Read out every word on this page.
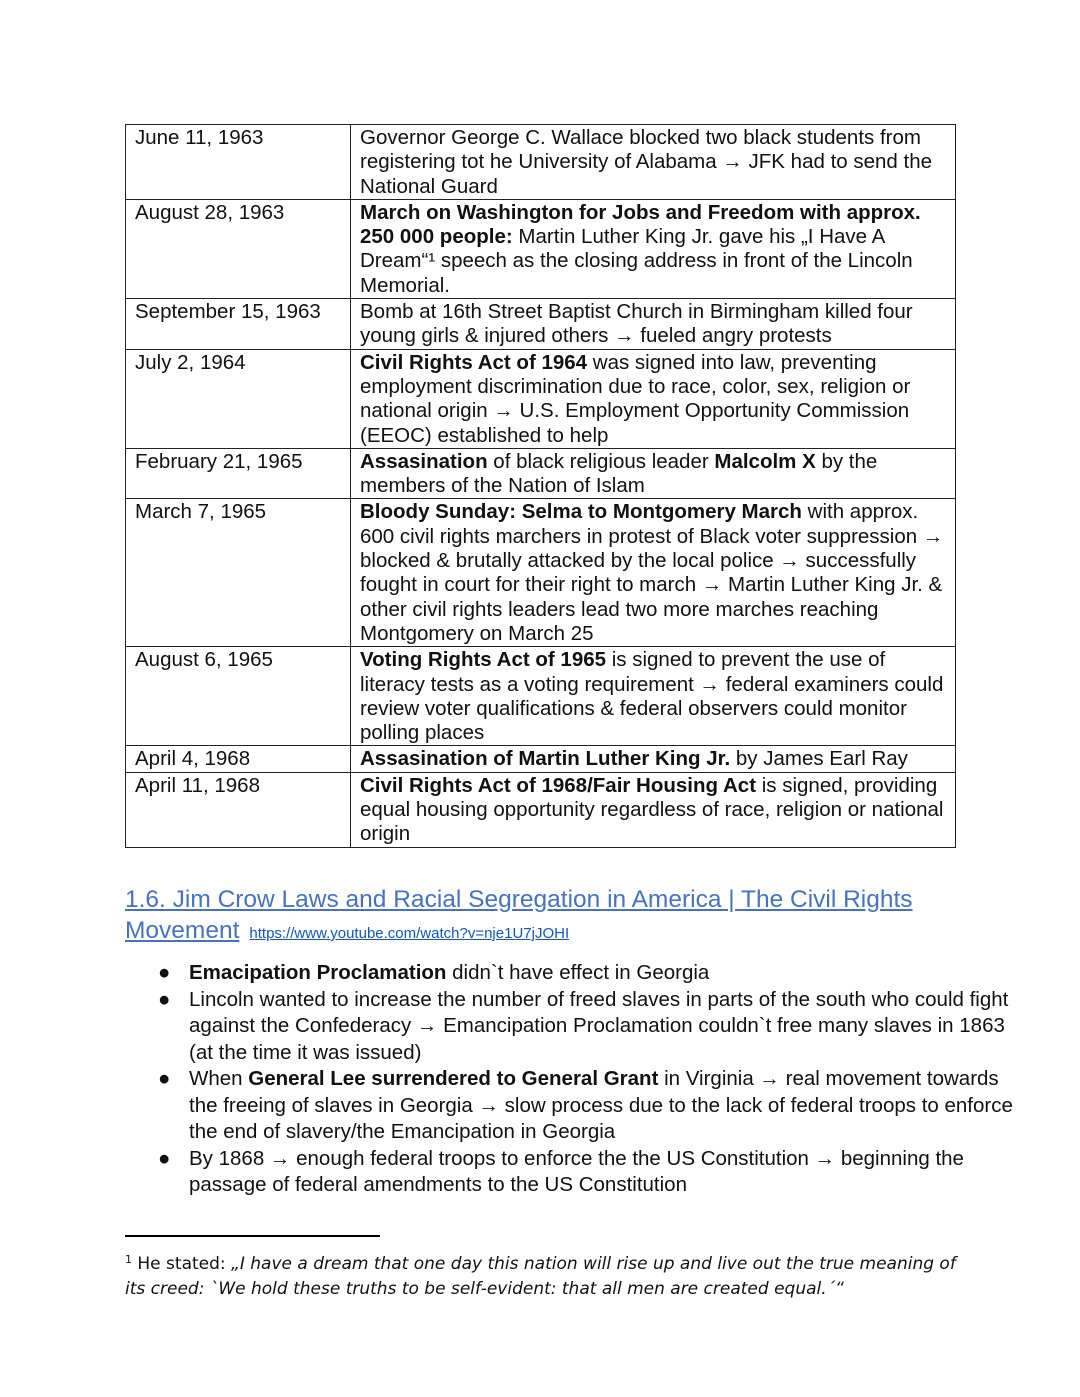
June 11, 1963	Governor George C. Wallace blocked two black students from registering tot he University of Alabama → JFK had to send the National Guard
August 28, 1963	March on Washington for Jobs and Freedom with approx. 250 000 people: Martin Luther King Jr. gave his „I Have A Dream“¹ speech as the closing address in front of the Lincoln Memorial.
September 15, 1963	Bomb at 16th Street Baptist Church in Birmingham killed four young girls & injured others → fueled angry protests
July 2, 1964	Civil Rights Act of 1964 was signed into law, preventing employment discrimination due to race, color, sex, religion or national origin → U.S. Employment Opportunity Commission (EEOC) established to help
February 21, 1965	Assasination of black religious leader Malcolm X by the members of the Nation of Islam
March 7, 1965	Bloody Sunday: Selma to Montgomery March with approx. 600 civil rights marchers in protest of Black voter suppression → blocked & brutally attacked by the local police → successfully fought in court for their right to march → Martin Luther King Jr. & other civil rights leaders lead two more marches reaching Montgomery on March 25
August 6, 1965	Voting Rights Act of 1965 is signed to prevent the use of literacy tests as a voting requirement → federal examiners could review voter qualifications & federal observers could monitor polling places
April 4, 1968	Assasination of Martin Luther King Jr. by James Earl Ray
April 11, 1968	Civil Rights Act of 1968/Fair Housing Act is signed, providing equal housing opportunity regardless of race, religion or national origin
1.6. Jim Crow Laws and Racial Segregation in America | The Civil Rights Movement https://www.youtube.com/watch?v=nje1U7jJOHI
● Emacipation Proclamation didn`t have effect in Georgia
● Lincoln wanted to increase the number of freed slaves in parts of the south who could fight against the Confederacy → Emancipation Proclamation couldn`t free many slaves in 1863 (at the time it was issued)
● When General Lee surrendered to General Grant in Virginia → real movement towards the freeing of slaves in Georgia → slow process due to the lack of federal troops to enforce the end of slavery/the Emancipation in Georgia
● By 1868 → enough federal troops to enforce the the US Constitution → beginning the passage of federal amendments to the US Constitution
$^1$ He stated: „I have a dream that one day this nation will rise up and live out the true meaning of its creed: `We hold these truths to be self-evident: that all men are created equal.´“
